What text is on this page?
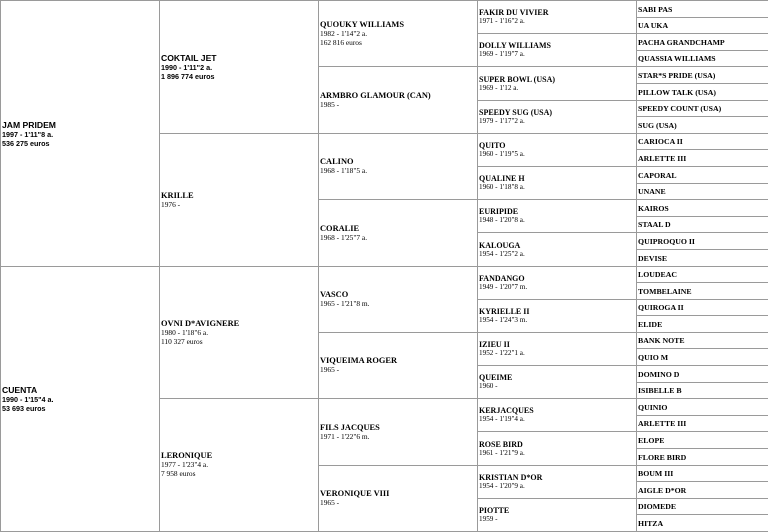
JAM PRIDEM
1997 - 1'11"8 a.
536 275 euros
CUENTA
1990 - 1'15"4 a.
53 693 euros
COKTAIL JET
1990 - 1'11"2 a.
1 896 774 euros
KRILLE
1976 -
OVNI D*AVIGNERE
1980 - 1'18"6 a.
110 327 euros
LERONIQUE
1977 - 1'23"4 a.
7 958 euros
QUOUKY WILLIAMS
1982 - 1'14"2 a.
162 816 euros
ARMBRO GLAMOUR (CAN)
1985 -
CALINO
1968 - 1'18"5 a.
CORALIE
1968 - 1'25"7 a.
VASCO
1965 - 1'21"8 m.
VIQUEIMA ROGER
1965 -
FILS JACQUES
1971 - 1'22"6 m.
VERONIQUE VIII
1965 -
FAKIR DU VIVIER
1971 - 1'16"2 a.
DOLLY WILLIAMS
1969 - 1'19"7 a.
SUPER BOWL (USA)
1969 - 1'12 a.
SPEEDY SUG (USA)
1979 - 1'17"2 a.
QUITO
1960 - 1'19"5 a.
QUALINE H
1960 - 1'18"8 a.
EURIPIDE
1948 - 1'20"8 a.
KALOUGA
1954 - 1'25"2 a.
FANDANGO
1949 - 1'20"7 m.
KYRIELLE II
1954 - 1'24"3 m.
IZIEU II
1952 - 1'22"1 a.
QUEIME
1960 -
KERJACQUES
1954 - 1'19"4 a.
ROSE BIRD
1961 - 1'21"9 a.
KRISTIAN D*OR
1954 - 1'20"9 a.
PIOTTE
1959 -
SABI PAS
UA UKA
PACHA GRANDCHAMP
QUASSIA WILLIAMS
STAR*S PRIDE (USA)
PILLOW TALK (USA)
SPEEDY COUNT (USA)
SUG (USA)
CARIOCA II
ARLETTE III
CAPORAL
UNANE
KAIROS
STAAL D
QUIPROQUO II
DEVISE
LOUDEAC
TOMBELAINE
QUIROGA II
ELIDE
BANK NOTE
QUIO M
DOMINO D
ISIBELLE B
QUINIO
ARLETTE III
ELOPE
FLORE BIRD
BOUM III
AIGLE D*OR
DIOMEDE
HITZA
